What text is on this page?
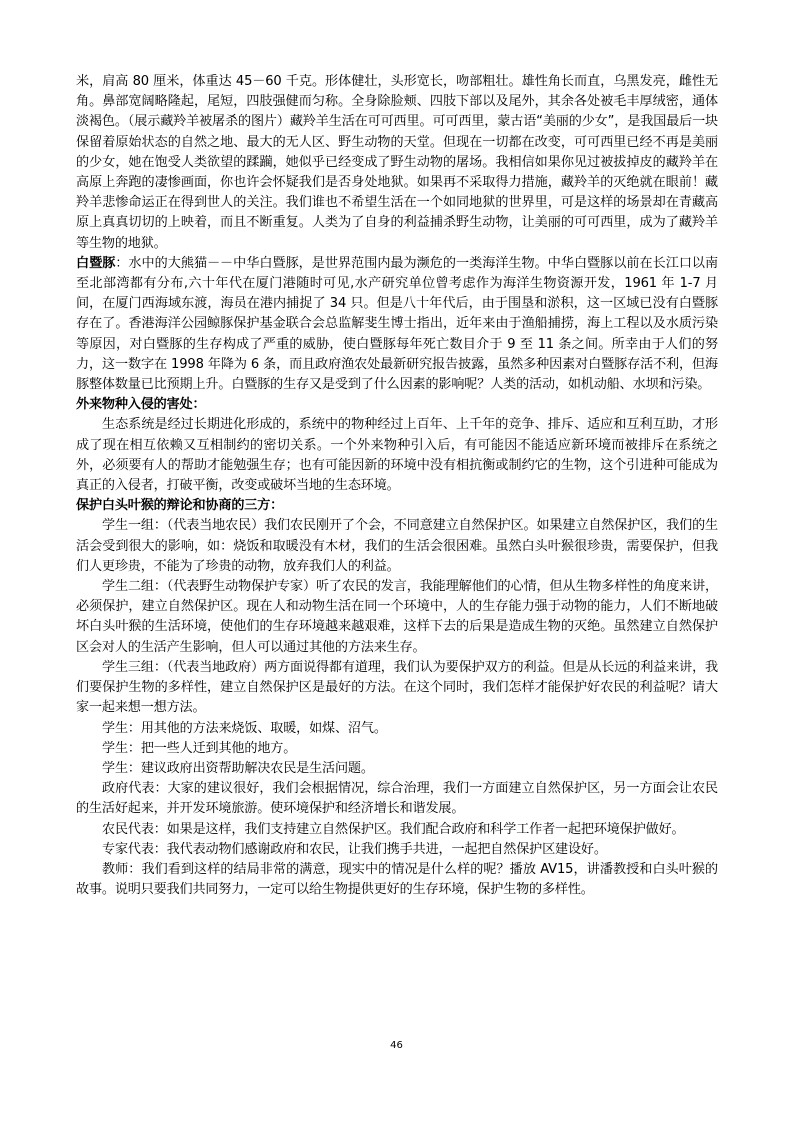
米，肩高 80 厘米，体重达 45－60 千克。形体健壮，头形宽长，吻部粗壮。雄性角长而直，乌黑发亮，雌性无角。鼻部宽阔略隆起，尾短，四肢强健而匀称。全身除脸颊、四肢下部以及尾外，其余各处被毛丰厚绒密，通体淡褐色。（展示藏羚羊被屠杀的图片）藏羚羊生活在可可西里。可可西里，蒙古语“美丽的少女”，是我国最后一块保留着原始状态的自然之地、最大的无人区、野生动物的天堂。但现在一切都在改变，可可西里已经不再是美丽的少女，她在饱受人类欲望的蹂躏，她似乎已经变成了野生动物的屠场。我相信如果你见过被拔掉皮的藏羚羊在高原上奔跑的凄惨画面，你也许会怀疑我们是否身处地狱。如果再不采取得力措施，藏羚羊的灭绝就在眼前！藏羚羊悲惨命运正在得到世人的关注。我们谁也不希望生活在一个如同地狱的世界里，可是这样的场景却在青藏高原上真真切切的上映着，而且不断重复。人类为了自身的利益捕杀野生动物，让美丽的可可西里，成为了藏羚羊等生物的地狱。

白暨豚：水中的大熊猫－－中华白暨豚，是世界范围内最为濒危的一类海洋生物。中华白暨豚以前在长江口以南至北部湾都有分布,六十年代在厦门港随时可见,水产研究单位曾考虑作为海洋生物资源开发，1961 年 1-7 月间，在厦门西海域东渡，海员在港内捕捉了 34 只。但是八十年代后，由于围垦和淤积，这一区域已没有白暨豚存在了。香港海洋公园鲸豚保护基金联合会总监解斐生博士指出，近年来由于渔船捕捞，海上工程以及水质污染等原因，对白暨豚的生存构成了严重的威胁，使白暨豚每年死亡数目介于 9 至 11 条之间。所幸由于人们的努力，这一数字在 1998 年降为 6 条，而且政府渔农处最新研究报告披露，虽然多种因素对白暨豚存活不利，但海豚整体数量已比预期上升。白暨豚的生存又是受到了什么因素的影响呢？人类的活动，如机动船、水坝和污染。

外来物种入侵的害处：

生态系统是经过长期进化形成的，系统中的物种经过上百年、上千年的竞争、排斥、适应和互利互助，才形成了现在相互依赖又互相制约的密切关系。一个外来物种引入后，有可能因不能适应新环境而被排斥在系统之外，必须要有人的帮助才能勉强生存；也有可能因新的环境中没有相抗衡或制约它的生物，这个引进种可能成为真正的入侵者，打破平衡，改变或破坏当地的生态环境。

保护白头叶猴的辩论和协商的三方：

学生一组：（代表当地农民）我们农民刚开了个会，不同意建立自然保护区。如果建立自然保护区，我们的生活会受到很大的影响，如：烧饭和取暖没有木材，我们的生活会很困难。虽然白头叶猴很珍贵，需要保护，但我们人更珍贵，不能为了珍贵的动物，放弃我们人的利益。

学生二组：（代表野生动物保护专家）听了农民的发言，我能理解他们的心情，但从生物多样性的角度来讲，必须保护，建立自然保护区。现在人和动物生活在同一个环境中，人的生存能力强于动物的能力，人们不断地破坏白头叶猴的生活环境，使他们的生存环境越来越艰难，这样下去的后果是造成生物的灭绝。虽然建立自然保护区会对人的生活产生影响，但人可以通过其他的方法来生存。

学生三组：（代表当地政府）两方面说得都有道理，我们认为要保护双方的利益。但是从长远的利益来讲，我们要保护生物的多样性，建立自然保护区是最好的方法。在这个同时，我们怎样才能保护好农民的利益呢？请大家一起来想一想方法。

学生：用其他的方法来烧饭、取暖，如煤、沼气。

学生：把一些人迁到其他的地方。

学生：建议政府出资帮助解决农民是生活问题。

政府代表：大家的建议很好，我们会根据情况，综合治理，我们一方面建立自然保护区，另一方面会让农民的生活好起来，并开发环境旅游。使环境保护和经济增长和谐发展。

农民代表：如果是这样，我们支持建立自然保护区。我们配合政府和科学工作者一起把环境保护做好。

专家代表：我代表动物们感谢政府和农民，让我们携手共进，一起把自然保护区建设好。

教师：我们看到这样的结局非常的满意，现实中的情况是什么样的呢？播放 AV15，讲潘教授和白头叶猴的故事。说明只要我们共同努力，一定可以给生物提供更好的生存环境，保护生物的多样性。

46
